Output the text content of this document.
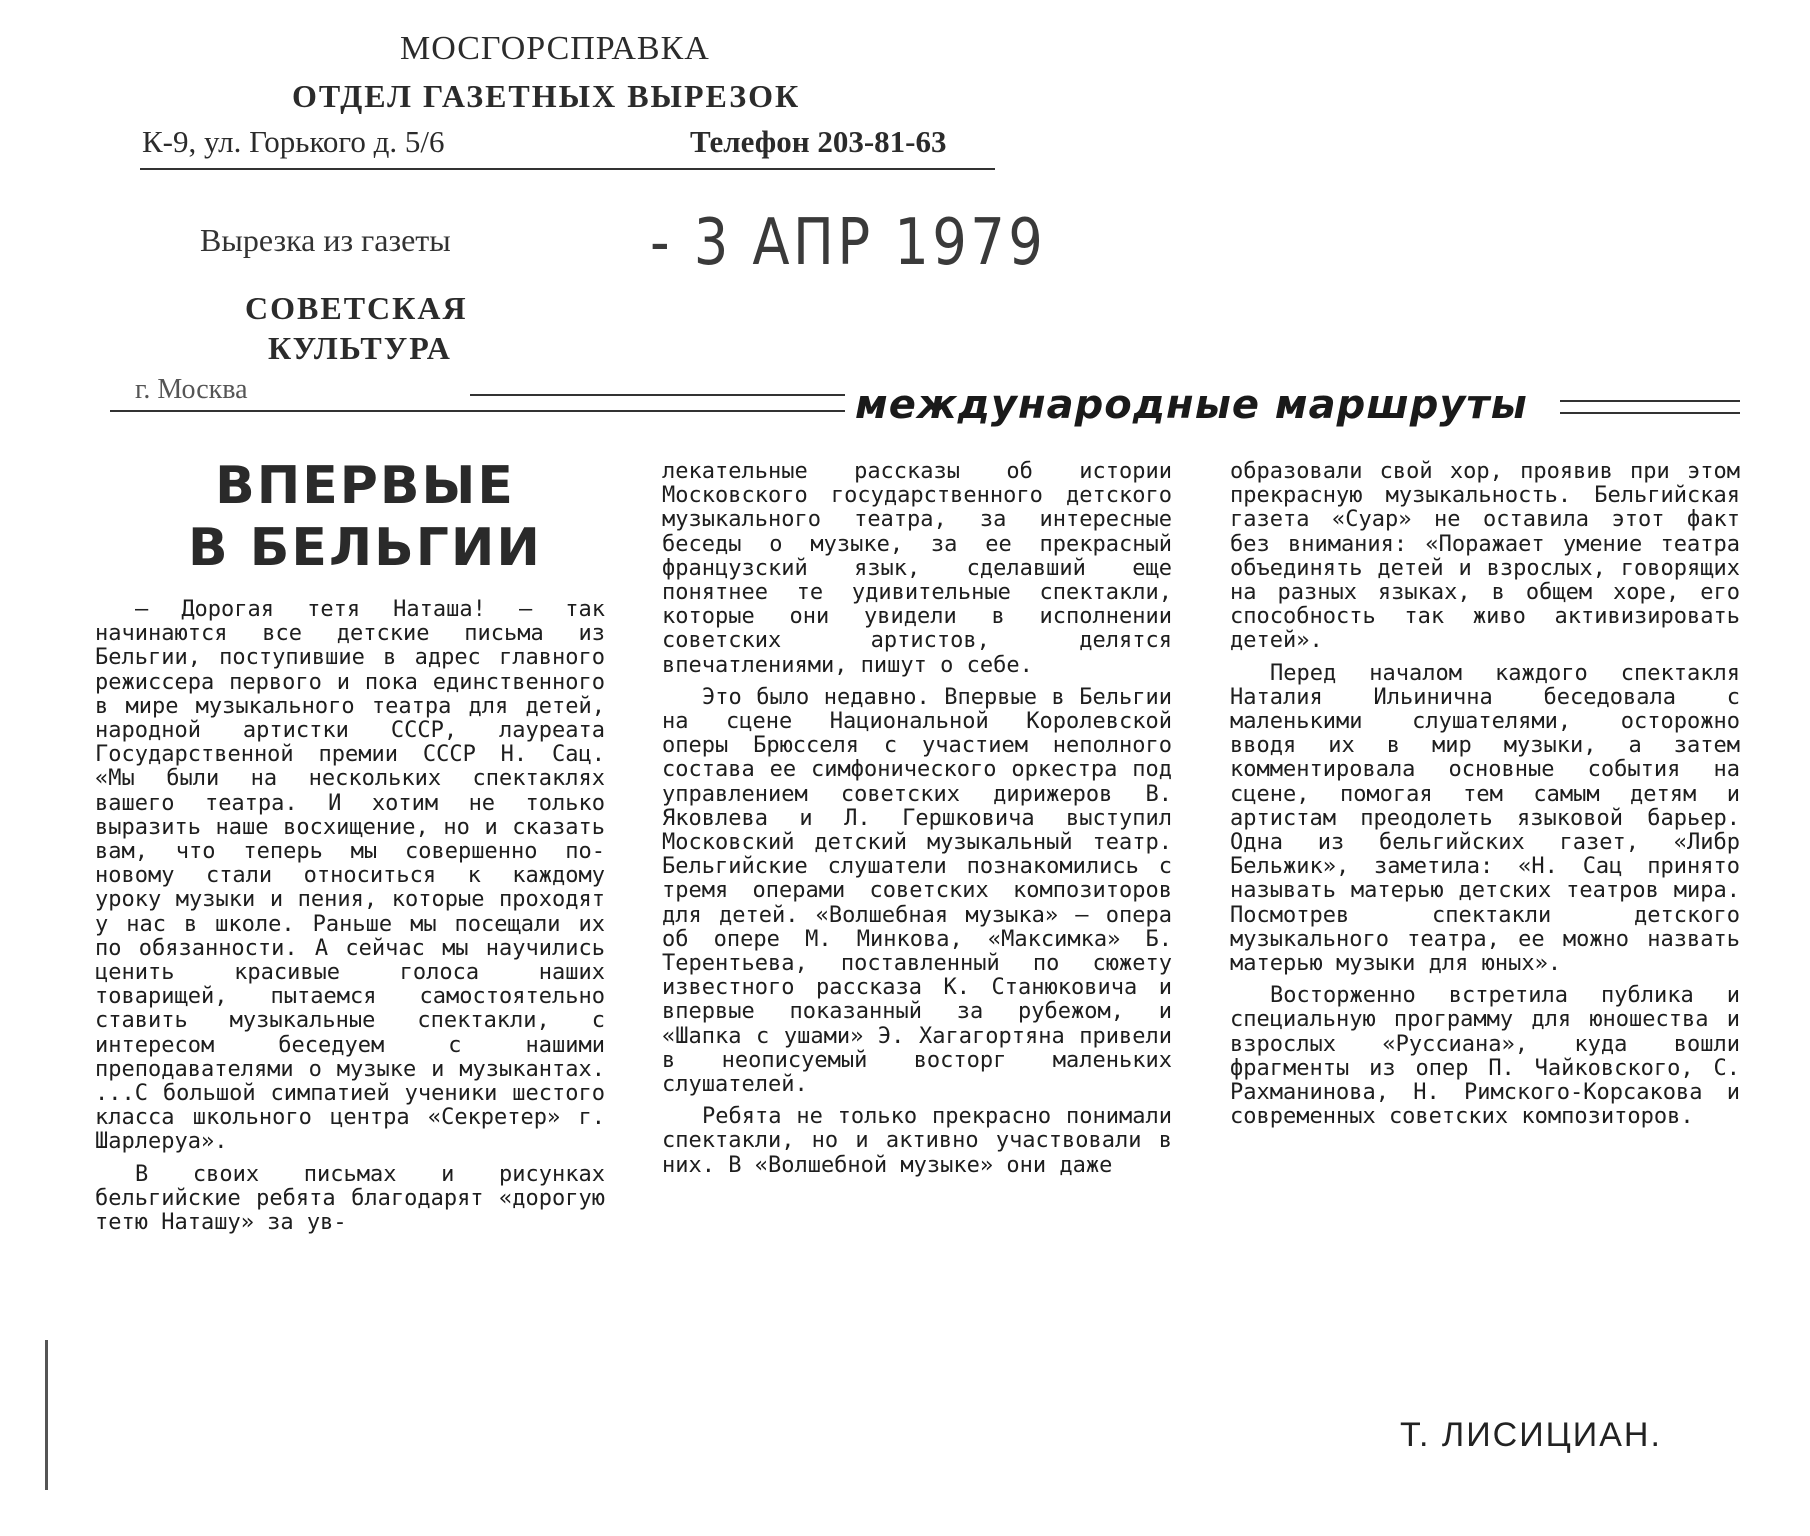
МОСГОРСПРАВКА
ОТДЕЛ ГАЗЕТНЫХ ВЫРЕЗОК
К-9, ул. Горького д. 5/6	Телефон 203-81-63
Вырезка из газеты	- 3 АПР 1979
СОВЕТСКАЯ
КУЛЬТУРА
г. Москва	международные маршруты
ВПЕРВЫЕ
В БЕЛЬГИИ

— Дорогая тетя Наташа! — так начинаются все детские письма из Бельгии, поступившие в адрес главного режиссера первого и пока единственного в мире музыкального театра для детей, народной артистки СССР, лауреата Государственной премии СССР Н. Сац. «Мы были на нескольких спектаклях вашего театра. И хотим не только выразить наше восхищение, но и сказать вам, что теперь мы совершенно по-новому стали относиться к каждому уроку музыки и пения, которые проходят у нас в школе. Раньше мы посещали их по обязанности. А сейчас мы научились ценить красивые голоса наших товарищей, пытаемся самостоятельно ставить музыкальные спектакли, с интересом беседуем с нашими преподавателями о музыке и музыкантах. ...С большой симпатией ученики шестого класса школьного центра «Секретер» г. Шарлеруа».

В своих письмах и рисунках бельгийские ребята благодарят «дорогую тетю Наташу» за ув-

лекательные рассказы об истории Московского государственного детского музыкального театра, за интересные беседы о музыке, за ее прекрасный французский язык, сделавший еще понятнее те удивительные спектакли, которые они увидели в исполнении советских артистов, делятся впечатлениями, пишут о себе.

Это было недавно. Впервые в Бельгии на сцене Национальной Королевской оперы Брюсселя с участием неполного состава ее симфонического оркестра под управлением советских дирижеров В. Яковлева и Л. Гершковича выступил Московский детский музыкальный театр. Бельгийские слушатели познакомились с тремя операми советских композиторов для детей. «Волшебная музыка» — опера об опере М. Минкова, «Максимка» Б. Терентьева, поставленный по сюжету известного рассказа К. Станюковича и впервые показанный за рубежом, и «Шапка с ушами» Э. Хагагортяна привели в неописуемый восторг маленьких слушателей.

Ребята не только прекрасно понимали спектакли, но и активно участвовали в них. В «Волшебной музыке» они даже

образовали свой хор, проявив при этом прекрасную музыкальность. Бельгийская газета «Суар» не оставила этот факт без внимания: «Поражает умение театра объединять детей и взрослых, говорящих на разных языках, в общем хоре, его способность так живо активизировать детей».

Перед началом каждого спектакля Наталия Ильинична беседовала с маленькими слушателями, осторожно вводя их в мир музыки, а затем комментировала основные события на сцене, помогая тем самым детям и артистам преодолеть языковой барьер. Одна из бельгийских газет, «Либр Бельжик», заметила: «Н. Сац принято называть матерью детских театров мира. Посмотрев спектакли детского музыкального театра, ее можно назвать матерью музыки для юных».

Восторженно встретила публика и специальную программу для юношества и взрослых «Руссиана», куда вошли фрагменты из опер П. Чайковского, С. Рахманинова, Н. Римского-Корсакова и современных советских композиторов.

Т. ЛИСИЦИАН.
